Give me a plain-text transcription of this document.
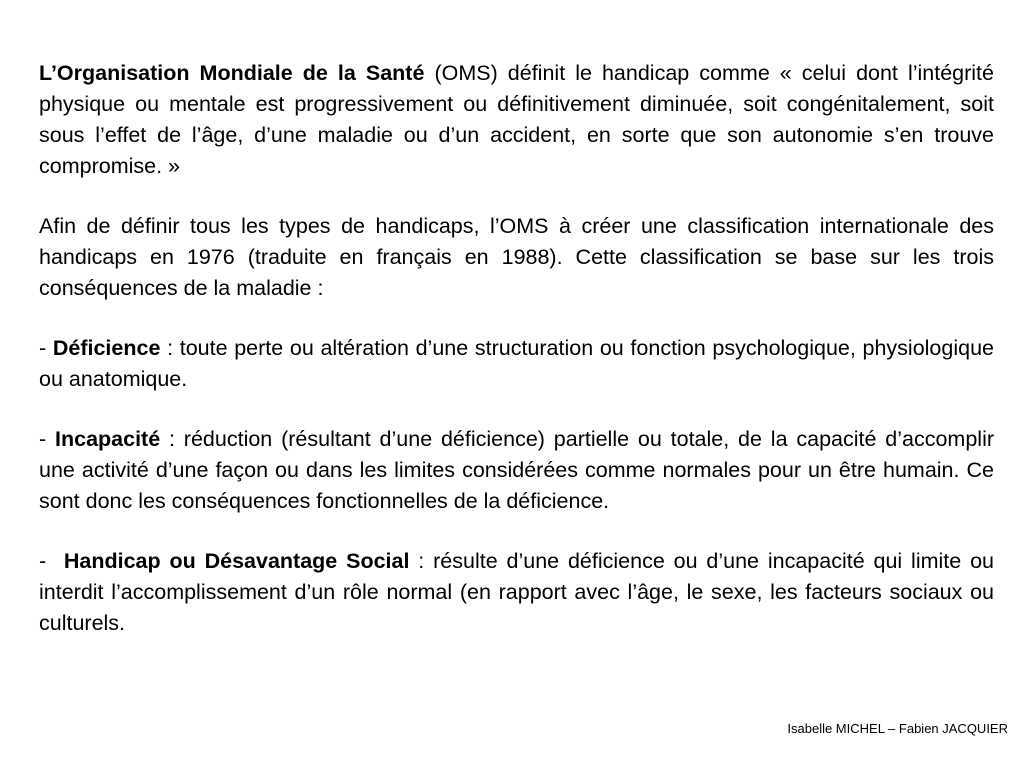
L’Organisation Mondiale de la Santé (OMS) définit le handicap comme « celui dont l’intégrité physique ou mentale est progressivement ou définitivement diminuée, soit congénitalement, soit sous l’effet de l’âge, d’une maladie ou d’un accident, en sorte que son autonomie s’en trouve compromise. »

Afin de définir tous les types de handicaps, l’OMS à créer une classification internationale des handicaps en 1976 (traduite en français en 1988). Cette classification se base sur les trois conséquences de la maladie :

- Déficience : toute perte ou altération d’une structuration ou fonction psychologique, physiologique ou anatomique.

- Incapacité : réduction (résultant d’une déficience) partielle ou totale, de la capacité d’accomplir une activité d’une façon ou dans les limites considérées comme normales pour un être humain. Ce sont donc les conséquences fonctionnelles de la déficience.

-  Handicap ou Désavantage Social : résulte d’une déficience ou d’une incapacité qui limite ou interdit l’accomplissement d’un rôle normal (en rapport avec l’âge, le sexe, les facteurs sociaux ou culturels.

Isabelle MICHEL – Fabien JACQUIER
